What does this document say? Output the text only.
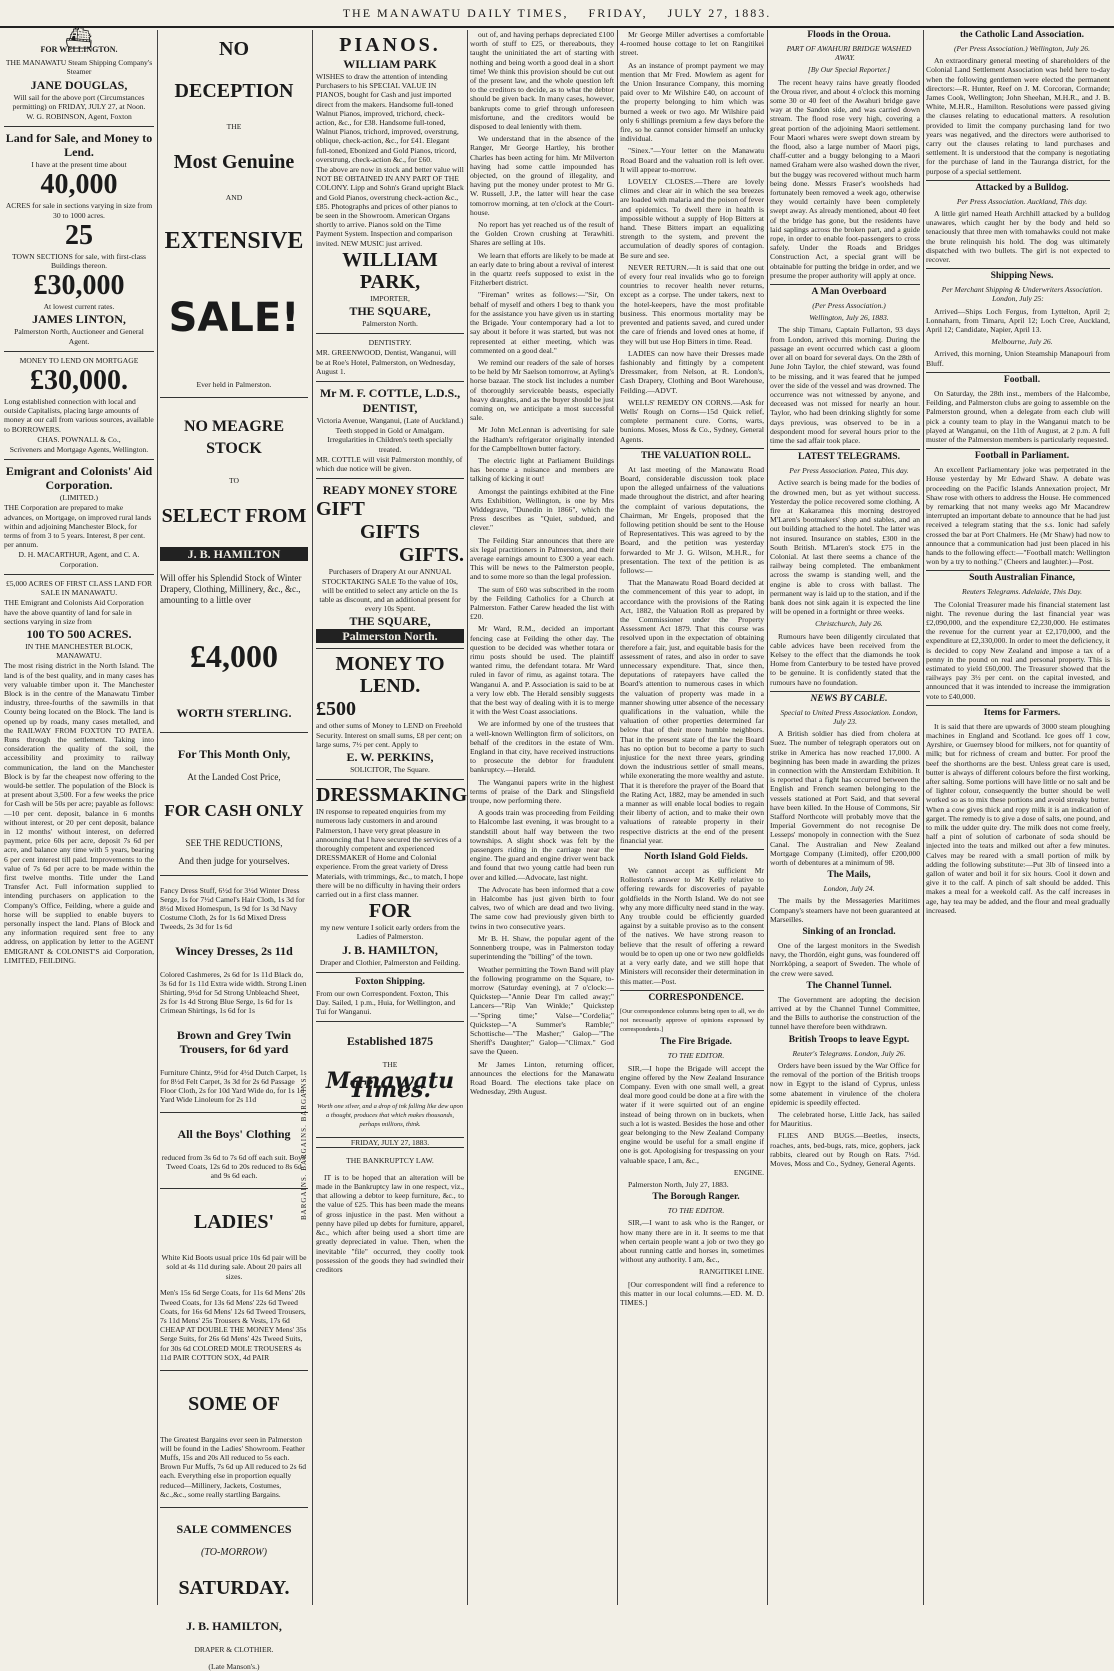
THE MANAWATU DAILY TIMES, FRIDAY, JULY 27, 1883.
⛴

FOR WELLINGTON.

THE MANAWATU Steam Shipping Company's Steamer

JANE DOUGLAS,

Will sail for the above port (Circumstances permitting) on FRIDAY, JULY 27, at Noon.

W. G. ROBINSON, Agent, Foxton

Land for Sale, and Money to Lend.

I have at the present time about

40,000

ACRES for sale in sections varying in size from 30 to 1000 acres.

25

TOWN SECTIONS for sale, with first-class Buildings thereon.

£30,000

At lowest current rates.

JAMES LINTON,

Palmerston North, Auctioneer and General Agent.

MONEY TO LEND ON MORTGAGE

£30,000.

Long established connection with local and outside Capitalists, placing large amounts of money at our call from various sources, available to BORROWERS.

CHAS. POWNALL & Co.,

Scriveners and Mortgage Agents, Wellington.

Emigrant and Colonists' Aid Corporation.

(LIMITED.)

THE Corporation are prepared to make advances, on Mortgage, on improved rural lands within and adjoining Manchester Block, for terms of from 3 to 5 years. Interest, 8 per cent. per annum.

D. H. MACARTHUR, Agent, and C. A. Corporation.

£5,000 ACRES OF FIRST CLASS LAND FOR SALE IN MANAWATU.

THE Emigrant and Colonists Aid Corporation have the above quantity of land for sale in sections varying in size from

100 TO 500 ACRES.

IN THE MANCHESTER BLOCK, MANAWATU.

The most rising district in the North Island. The land is of the best quality, and in many cases has very valuable timber upon it. The Manchester Block is in the centre of the Manawatu Timber industry, three-fourths of the sawmills in that County being located on the Block. The land is opened up by roads, many cases metalled, and the RAILWAY FROM FOXTON TO PATEA. Runs through the settlement. Taking into consideration the quality of the soil, the accessibility and proximity to railway communication, the land on the Manchester Block is by far the cheapest now offering to the would-be settler. The population of the Block is at present about 3,500. For a few weeks the price for Cash will be 50s per acre; payable as follows:—10 per cent. deposit, balance in 6 months without interest, or 20 per cent deposit, balance in 12 months' without interest, on deferred payment, price 60s per acre, deposit 7s 6d per acre, and balance any time with 5 years, bearing 6 per cent interest till paid. Improvements to the value of 7s 6d per acre to be made within the first twelve months. Title under the Land Transfer Act. Full information supplied to intending purchasers on application to the Company's Office, Feilding, where a guide and horse will be supplied to enable buyers to personally inspect the land. Plans of Block and any information required sent free to any address, on application by letter to the AGENT EMIGRANT & COLONIST'S aid Corporation, LIMITED, FEILDING.

NO

DECEPTION

THE

Most Genuine

AND

EXTENSIVE

SALE!

Ever held in Palmerston.

NO MEAGRE STOCK

TO

SELECT FROM

J. B. HAMILTON

Will offer his Splendid Stock of Winter Drapery, Clothing, Millinery, &c., &c., amounting to a little over

£4,000

WORTH STERLING.

For This Month Only,

At the Landed Cost Price,

FOR CASH ONLY

SEE THE REDUCTIONS,

And then judge for yourselves.

Fancy Dress Stuff, 6½d for 3½d Winter Dress Serge, 1s for 7½d Camel's Hair Cloth, 1s 3d for 8½d Mixed Homespun, 1s 9d for 1s 3d Navy Costume Cloth, 2s for 1s 6d Mixed Dress Tweeds, 2s 3d for 1s 6d

Wincey Dresses, 2s 11d

Colored Cashmeres, 2s 6d for 1s 11d Black do, 3s 6d for 1s 11d Extra wide width. Strong Linen Shirting, 9½d for 5d Strong Unbleachd Sheet, 2s for 1s 4d Strong Blue Serge, 1s 6d for 1s Crimean Shirtings, 1s 6d for 1s

Brown and Grey Twin Trousers, for 6d yard

Furniture Chintz, 9½d for 4½d Dutch Carpet, 1s for 8½d Felt Carpet, 3s 3d for 2s 6d Passage Floor Cloth, 2s for 10d Yard Wide do, for 1s 1d Yard Wide Linoleum for 2s 11d

All the Boys' Clothing

reduced from 3s 6d to 7s 6d off each suit. Boys' Tweed Coats, 12s 6d to 20s reduced to 8s 6d and 9s 6d each.

LADIES'

White Kid Boots usual price 10s 6d pair will be sold at 4s 11d during sale. About 20 pairs all sizes.

Men's 15s 6d Serge Coats, for 11s 6d Mens' 20s Tweed Coats, for 13s 6d Mens' 22s 6d Tweed Coats, for 16s 6d Mens' 12s 6d Tweed Trousers, 7s 11d Mens' 25s Trousers & Vests, 17s 6d CHEAP AT DOUBLE THE MONEY Mens' 35s Serge Suits, for 26s 6d Mens' 42s Tweed Suits, for 30s 6d COLORED MOLE TROUSERS 4s 11d PAIR COTTON SOX, 4d PAIR

SOME OF

The Greatest Bargains ever seen in Palmerston will be found in the Ladies' Showroom. Feather Muffs, 15s and 20s All reduced to 5s each. Brown Fur Muffs, 7s 6d up All reduced to 2s 6d each. Everything else in proportion equally reduced—Millinery, Jackets, Costumes, &c.,&c., some really startling Bargains.

SALE COMMENCES

(TO-MORROW)

SATURDAY.

J. B. HAMILTON,

DRAPER & CLOTHIER.

(Late Manson's.)

BARGAINS. BARGAINS. BARGAINS.

PIANOS.

WILLIAM PARK

WISHES to draw the attention of intending Purchasers to his SPECIAL VALUE IN PIANOS, bought for Cash and just imported direct from the makers. Handsome full-toned Walnut Pianos, improved, trichord, check-action, &c., for £38. Handsome full-toned, Walnut Pianos, trichord, improved, overstrung, oblique, check-action, &c., for £41. Elegant full-toned, Ebonized and Gold Pianos, tricord, overstrung, check-action &c., for £60.

The above are now in stock and better value will NOT BE OBTAINED IN ANY PART OF THE COLONY. Lipp and Sohn's Grand upright Black and Gold Pianos, overstrung check-action &c., £85. Photographs and prices of other pianos to be seen in the Showroom. American Organs shortly to arrive. Pianos sold on the Time Payment System. Inspection and comparison invited. NEW MUSIC just arrived.

WILLIAM PARK,

IMPORTER,

THE SQUARE,

Palmerston North.

DENTISTRY.

MR. GREENWOOD, Dentist, Wanganui, will be at Roe's Hotel, Palmerston, on Wednesday, August 1.

Mr M. F. COTTLE, L.D.S.,

DENTIST,

Victoria Avenue, Wanganui, (Late of Auckland.)

Teeth stopped in Gold or Amalgam. Irregularities in Children's teeth specially treated.

MR. COTTLE will visit Palmerston monthly, of which due notice will be given.

READY MONEY STORE

GIFT

GIFTS

GIFTS.

Purchasers of Drapery At our ANNUAL STOCKTAKING SALE To the value of 10s, will be entitled to select any article on the 1s table as discount, and an additional present for every 10s Spent.

THE SQUARE,

Palmerston North.

MONEY TO LEND.

£500

and other sums of Money to LEND on Freehold Security. Interest on small sums, £8 per cent; on large sums, 7½ per cent. Apply to

E. W. PERKINS,

SOLICITOR, The Square.

DRESSMAKING

IN response to repeated enquiries from my numerous lady customers in and around Palmerston, I have very great pleasure in announcing that I have secured the services of a thoroughly competent and experienced DRESSMAKER of Home and Colonial experience. From the great variety of Dress Materials, with trimmings, &c., to match, I hope there will be no difficulty in having their orders carried out in a first class manner.

FOR

my new venture I solicit early orders from the Ladies of Palmerston.

J. B. HAMILTON,

Draper and Clothier, Palmerston and Feilding.

Foxton Shipping.

From our own Correspondent. Foxton, This Day. Sailed, 1 p.m., Huia, for Wellington, and Tui for Wanganui.

Established 1875

THE

Manawatu Times.

Worth one silver, and a drop of ink falling like dew upon a thought, produces that which makes thousands, perhaps millions, think.

FRIDAY, JULY 27, 1883.

THE BANKRUPTCY LAW.

IT is to be hoped that an alteration will be made in the Bankruptcy law in one respect, viz., that allowing a debtor to keep furniture, &c., to the value of £25. This has been made the means of gross injustice in the past. Men without a penny have piled up debts for furniture, apparel, &c., which after being used a short time are greatly depreciated in value. Then, when the inevitable "file" occurred, they coolly took possession of the goods they had swindled their creditors

out of, and having perhaps depreciated £100 worth of stuff to £25, or thereabouts, they taught the uninitiated the art of starting with nothing and being worth a good deal in a short time! We think this provision should be cut out of the present law, and the whole question left to the creditors to decide, as to what the debtor should be given back. In many cases, however, bankrupts come to grief through unforeseen misfortune, and the creditors would be disposed to deal leniently with them.

We understand that in the absence of the Ranger, Mr George Hartley, his brother Charles has been acting for him. Mr Milverton having had some cattle impounded has objected, on the ground of illegality, and having put the money under protest to Mr G. W. Russell, J.P., the latter will hear the case tomorrow morning, at ten o'clock at the Court-house.

No report has yet reached us of the result of the Golden Crown crushing at Terawhiti. Shares are selling at 10s.

We learn that efforts are likely to be made at an early date to bring about a revival of interest in the quartz reefs supposed to exist in the Fitzherbert district.

"Fireman" writes as follows:—"Sir, On behalf of myself and others I beg to thank you for the assistance you have given us in starting the Brigade. Your contemporary had a lot to say about it before it was started, but was not represented at either meeting, which was commented on a good deal."

We remind our readers of the sale of horses to be held by Mr Saelson tomorrow, at Ayling's horse bazaar. The stock list includes a number of thoroughly serviceable beasts, especially heavy draughts, and as the buyer should be just coming on, we anticipate a most successful sale.

Mr John McLennan is advertising for sale the Hadham's refrigerator originally intended for the Campbelltown butter factory.

The electric light at Parliament Buildings has become a nuisance and members are talking of kicking it out!

Amongst the paintings exhibited at the Fine Arts Exhibition, Wellington, is one by Mrs Widdegrave, "Dunedin in 1866", which the Press describes as "Quiet, subdued, and clever."

The Feilding Star announces that there are six legal practitioners in Palmerston, and their average earnings amount to £300 a year each. This will be news to the Palmerston people, and to some more so than the legal profession.

The sum of £60 was subscribed in the room by the Feilding Catholics for a Church at Palmerston. Father Carew headed the list with £20.

Mr Ward, R.M., decided an important fencing case at Feilding the other day. The question to be decided was whether totara or rimu posts should be used. The plaintiff wanted rimu, the defendant totara. Mr Ward ruled in favor of rimu, as against totara. The Wanganui A. and P. Association is said to be at a very low ebb. The Herald sensibly suggests that the best way of dealing with it is to merge it with the West Coast associations.

We are informed by one of the trustees that a well-known Wellington firm of solicitors, on behalf of the creditors in the estate of Wm. England in that city, have received instructions to prosecute the debtor for fraudulent bankruptcy.—Herald.

The Wanganui papers write in the highest terms of praise of the Dark and Slingsfield troupe, now performing there.

A goods train was proceeding from Feilding to Halcombe last evening, it was brought to a standstill about half way between the two townships. A slight shock was felt by the passengers riding in the carriage near the engine. The guard and engine driver went back and found that two young cattle had been run over and killed.—Advocate, last night.

The Advocate has been informed that a cow in Halcombe has just given birth to four calves, two of which are dead and two living. The same cow had previously given birth to twins in two consecutive years.

Mr B. H. Shaw, the popular agent of the Sonnenberg troupe, was in Palmerston today superintending the "billing" of the town.

Weather permitting the Town Band will play the following programme on the Square, to-morrow (Saturday evening), at 7 o'clock:—Quickstep—"Annie Dear I'm called away;" Lancers—"Rip Van Winkle;" Quickstep—"Spring time;" Valse—"Cordelia;" Quickstep—"A Summer's Ramble;" Schottische—"The Masher;" Galop—"The Sheriff's Daughter;" Galop—"Climax." God save the Queen.

Mr James Linton, returning officer, announces the elections for the Manawatu Road Board. The elections take place on Wednesday, 29th August.

Mr George Miller advertises a comfortable 4-roomed house cottage to let on Rangitikei street.

As an instance of prompt payment we may mention that Mr Fred. Mowlem as agent for the Union Insurance Company, this morning paid over to Mr Wilshire £40, on account of the property belonging to him which was burned a week or two ago. Mr Wilshire paid only 6 shillings premium a few days before the fire, so he cannot consider himself an unlucky individual.

"Sinex."—Your letter on the Manawatu Road Board and the valuation roll is left over. It will appear to-morrow.

LOVELY CLOSES.—There are lovely climes and clear air in which the sea breezes are loaded with malaria and the poison of fever and epidemics. To dwell there in health is impossible without a supply of Hop Bitters at hand. These Bitters impart an equalizing strength to the system, and prevent the accumulation of deadly spores of contagion. Be sure and see.

NEVER RETURN.—It is said that one out of every four real invalids who go to foreign countries to recover health never returns, except as a corpse. The under takers, next to the hotel-keepers, have the most profitable business. This enormous mortality may be prevented and patients saved, and cured under the care of friends and loved ones at home, if they will but use Hop Bitters in time. Read.

LADIES can now have their Dresses made fashionably and fittingly by a competent Dressmaker, from Nelson, at R. London's, Cash Drapery, Clothing and Boot Warehouse, Feilding.—ADVT.

WELLS' REMEDY ON CORNS.—Ask for Wells' Rough on Corns—15d Quick relief, complete permanent cure. Corns, warts, bunions. Moses, Moss & Co., Sydney, General Agents.

THE VALUATION ROLL.

At last meeting of the Manawatu Road Board, considerable discussion took place upon the alleged unfairness of the valuations made throughout the district, and after hearing the complaint of various deputations, the Chairman, Mr Engels, proposed that the following petition should be sent to the House of Representatives. This was agreed to by the Board, and the petition was yesterday forwarded to Mr J. G. Wilson, M.H.R., for presentation. The text of the petition is as follows:—

That the Manawatu Road Board decided at the commencement of this year to adopt, in accordance with the provisions of the Rating Act, 1882, the Valuation Roll as prepared by the Commissioner under the Property Assessment Act 1879. That this course was resolved upon in the expectation of obtaining therefore a fair, just, and equitable basis for the assessment of rates, and also in order to save unnecessary expenditure. That, since then, deputations of ratepayers have called the Board's attention to numerous cases in which the valuation of property was made in a manner showing utter absence of the necessary qualifications in the valuation, while the valuation of other properties determined far below that of their more humble neighbors. That in the present state of the law the Board has no option but to become a party to such injustice for the next three years, grinding down the industrious settler of small means, while exonerating the more wealthy and astute. That it is therefore the prayer of the Board that the Rating Act, 1882, may be amended in such a manner as will enable local bodies to regain their liberty of action, and to make their own valuations of rateable property in their respective districts at the end of the present financial year.

North Island Gold Fields.

We cannot accept as sufficient Mr Rolleston's answer to Mr Kelly relative to offering rewards for discoveries of payable goldfields in the North Island. We do not see why any more difficulty need stand in the way. Any trouble could be efficiently guarded against by a suitable proviso as to the consent of the natives. We have strong reason to believe that the result of offering a reward would be to open up one or two new goldfields at a very early date, and we still hope that Ministers will reconsider their determination in this matter.—Post.

CORRESPONDENCE.

[Our correspondence columns being open to all, we do not necessarily approve of opinions expressed by correspondents.]

The Fire Brigade.

TO THE EDITOR.

SIR,—I hope the Brigade will accept the engine offered by the New Zealand Insurance Company. Even with one small well, a great deal more good could be done at a fire with the water if it were squirted out of an engine instead of being thrown on in buckets, when such a lot is wasted. Besides the hose and other gear belonging to the New Zealand Company engine would be useful for a small engine if one is got. Apologising for trespassing on your valuable space, I am, &c.,

ENGINE.

Palmerston North, July 27, 1883.

The Borough Ranger.

TO THE EDITOR.

SIR,—I want to ask who is the Ranger, or how many there are in it. It seems to me that when certain people want a job or two they go about running cattle and horses in, sometimes without any authority. I am, &c.,

RANGITIKEI LINE.

[Our correspondent will find a reference to this matter in our local columns.—ED. M. D. TIMES.]

Floods in the Oroua.

PART OF AWAHURI BRIDGE WASHED AWAY.

[By Our Special Reporter.]

The recent heavy rains have greatly flooded the Oroua river, and about 4 o'clock this morning some 30 or 40 feet of the Awahuri bridge gave way at the Sandon side, and was carried down stream. The flood rose very high, covering a great portion of the adjoining Maori settlement. Four Maori whares were swept down stream by the flood, also a large number of Maori pigs, chaff-cutter and a buggy belonging to a Maori named Graham were also washed down the river, but the buggy was recovered without much harm being done. Messrs Fraser's woolsheds had fortunately been removed a week ago, otherwise they would certainly have been completely swept away. As already mentioned, about 40 feet of the bridge has gone, but the residents have laid saplings across the broken part, and a guide rope, in order to enable foot-passengers to cross safely. Under the Roads and Bridges Construction Act, a special grant will be obtainable for putting the bridge in order, and we presume the proper authority will apply at once.

A Man Overboard

(Per Press Association.)

Wellington, July 26, 1883.

The ship Timaru, Captain Fullarton, 93 days from London, arrived this morning. During the passage an event occurred which cast a gloom over all on board for several days. On the 28th of June John Taylor, the chief steward, was found to be missing, and it was feared that he jumped over the side of the vessel and was drowned. The occurrence was not witnessed by anyone, and deceased was not missed for nearly an hour. Taylor, who had been drinking slightly for some days previous, was observed to be in a despondent mood for several hours prior to the time the sad affair took place.

LATEST TELEGRAMS.

Per Press Association. Patea, This day.

Active search is being made for the bodies of the drowned men, but as yet without success. Yesterday the police recovered some clothing. A fire at Kakaramea this morning destroyed M'Laren's bootmakers' shop and stables, and an out building attached to the hotel. The latter was not insured. Insurance on stables, £300 in the South British. M'Laren's stock £75 in the Colonial. At last there seems a chance of the railway being completed. The embankment across the swamp is standing well, and the engine is able to cross with ballast. The permanent way is laid up to the station, and if the bank does not sink again it is expected the line will be opened in a fortnight or three weeks.

Christchurch, July 26.

Rumours have been diligently circulated that cable advices have been received from the Kelsey to the effect that the diamonds he took Home from Canterbury to be tested have proved to be genuine. It is confidently stated that the rumours have no foundation.

NEWS BY CABLE.

Special to United Press Association. London, July 23.

A British soldier has died from cholera at Suez. The number of telegraph operators out on strike in America has now reached 17,000. A beginning has been made in awarding the prizes in connection with the Amsterdam Exhibition. It is reported that a fight has occurred between the English and French seamen belonging to the vessels stationed at Port Said, and that several have been killed. In the House of Commons, Sir Stafford Northcote will probably move that the Imperial Government do not recognise De Lesseps' monopoly in connection with the Suez Canal. The Australian and New Zealand Mortgage Company (Limited), offer £200,000 worth of debentures at a minimum of 98.

The Mails,

London, July 24.

The mails by the Messageries Maritimes Company's steamers have not been guaranteed at Marseilles.

Sinking of an Ironclad.

One of the largest monitors in the Swedish navy, the Thordön, eight guns, was foundered off Norrköping, a seaport of Sweden. The whole of the crew were saved.

The Channel Tunnel.

The Government are adopting the decision arrived at by the Channel Tunnel Committee, and the Bills to authorise the construction of the tunnel have therefore been withdrawn.

British Troops to leave Egypt.

Reuter's Telegrams. London, July 26.

Orders have been issued by the War Office for the removal of the portion of the British troops now in Egypt to the island of Cyprus, unless some abatement in virulence of the cholera epidemic is speedily effected.

The celebrated horse, Little Jack, has sailed for Mauritius.

FLIES AND BUGS.—Beetles, insects, roaches, ants, bed-bugs, rats, mice, gophers, jack rabbits, cleared out by Rough on Rats. 7½d. Moves, Moss and Co., Sydney, General Agents.

the Catholic Land Association.

(Per Press Association.) Wellington, July 26.

An extraordinary general meeting of shareholders of the Colonial Land Settlement Association was held here to-day when the following gentlemen were elected the permanent directors:—R. Hunter, Reef on J. M. Corcoran, Cormande; James Cook, Wellington; John Sheehan, M.H.R., and J. B. White, M.H.R., Hamilton. Resolutions were passed giving the clauses relating to educational matters. A resolution provided to limit the company purchasing land for two years was negatived, and the directors were authorised to carry out the clauses relating to land purchases and settlement. It is understood that the company is negotiating for the purchase of land in the Tauranga district, for the purpose of a special settlement.

Attacked by a Bulldog.

Per Press Association. Auckland, This day.

A little girl named Heath Archhill attacked by a bulldog unawares, which caught her by the body and held so tenaciously that three men with tomahawks could not make the brute relinquish his hold. The dog was ultimately dispatched with two bullets. The girl is not expected to recover.

Shipping News.

Per Merchant Shipping & Underwriters Association. London, July 25:

Arrived—Ships Loch Fergus, from Lyttelton, April 2; Lonnaharn, from Timaru, April 12; Loch Cree, Auckland, April 12; Candidate, Napier, April 13.

Melbourne, July 26.

Arrived, this morning, Union Steamship Manapouri from Bluff.

Football.

On Saturday, the 28th inst., members of the Halcombe, Feilding, and Palmerston clubs are going to assemble on the Palmerston ground, when a delegate from each club will pick a county team to play in the Wanganui match to be played at Wanganui, on the 11th of August, at 2 p.m. A full muster of the Palmerston members is particularly requested.

Football in Parliament.

An excellent Parliamentary joke was perpetrated in the House yesterday by Mr Edward Shaw. A debate was proceeding on the Pacific Islands Annexation project, Mr Shaw rose with others to address the House. He commenced by remarking that not many weeks ago Mr Macandrew interrupted an important debate to announce that he had just received a telegram stating that the s.s. Ionic had safely crossed the bar at Port Chalmers. He (Mr Shaw) had now to announce that a communication had just been placed in his hands to the following effect:—"Football match: Wellington won by a try to nothing." (Cheers and laughter.)—Post.

South Australian Finance,

Reuters Telegrams. Adelaide, This Day.

The Colonial Treasurer made his financial statement last night. The revenue during the last financial year was £2,090,000, and the expenditure £2,230,000. He estimates the revenue for the current year at £2,170,000, and the expenditure at £2,330,000. In order to meet the deficiency, it is decided to copy New Zealand and impose a tax of a penny in the pound on real and personal property. This is estimated to yield £60,000. The Treasurer showed that the railways pay 3½ per cent. on the capital invested, and announced that it was intended to increase the immigration vote to £40,000.

Items for Farmers.

It is said that there are upwards of 3000 steam ploughing machines in England and Scotland. Ice goes off 1 cow, Ayrshire, or Guernsey blood for milkers, not for quantity of milk; but for richness of cream and butter. For proof the beef the shorthorns are the best. Unless great care is used, butter is always of different colours before the first working, after salting. Some portions will have little or no salt and be of lighter colour, consequently the butter should be well worked so as to mix these portions and avoid streaky butter. When a cow gives thick and ropy milk it is an indication of garget. The remedy is to give a dose of salts, one pound, and to milk the udder quite dry. The milk does not come freely, half a pint of solution of carbonate of soda should be injected into the teats and milked out after a few minutes. Calves may be reared with a small portion of milk by adding the following substitute:—Put 3lb of linseed into a gallon of water and boil it for six hours. Cool it down and give it to the calf. A pinch of salt should be added. This makes a meal for a weekold calf. As the calf increases in age, hay tea may be added, and the flour and meal gradually increased.
